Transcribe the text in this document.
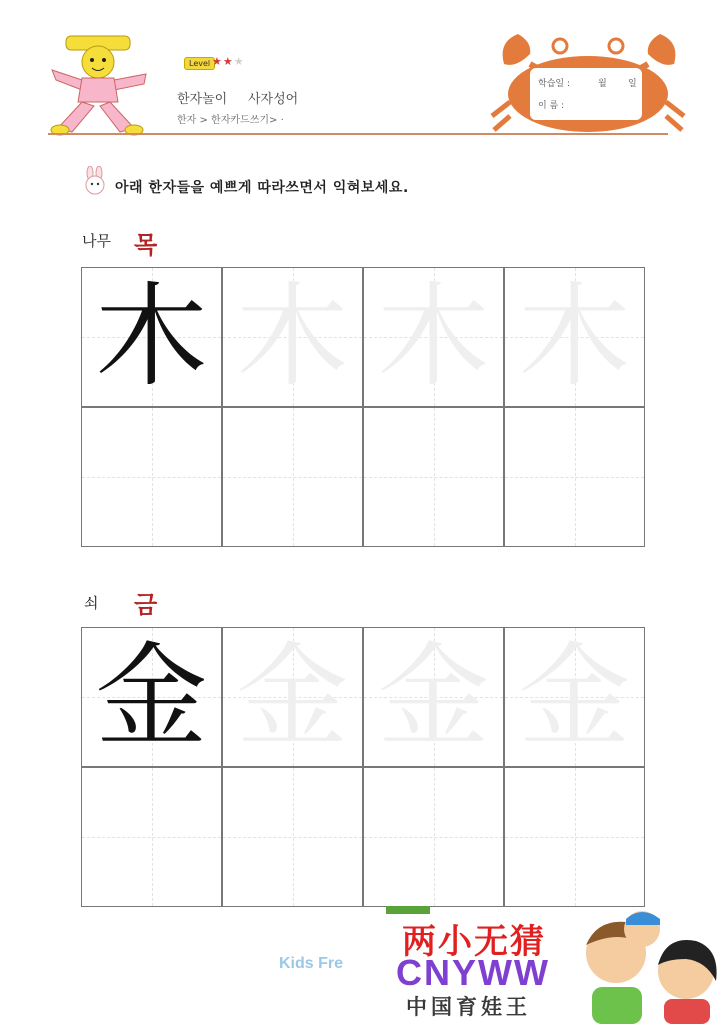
Level ★★★
한자놀이 사자성어
한자 > 한자카드쓰기> ·
학습일 :	월 일
이 름 :
아래 한자들을 예쁘게 따라쓰면서 익혀보세요.
나무 목
木 木 木 木
쇠 금
金 金 金 金
Kids Fre
两小无猜
CNYWW
中国育娃王
